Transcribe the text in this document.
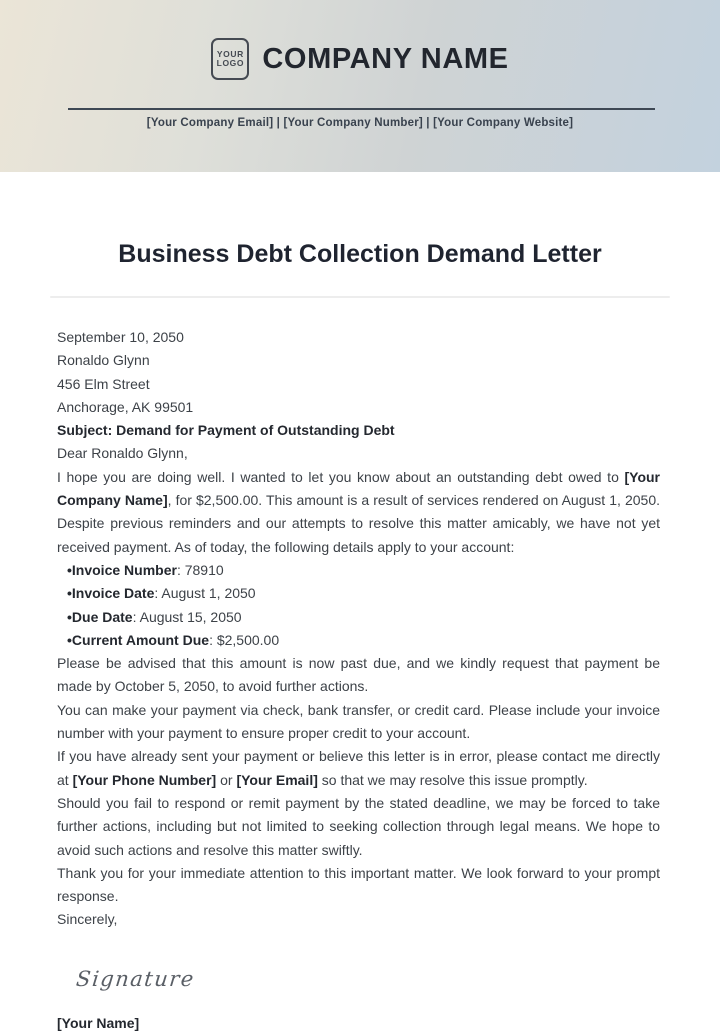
YOUR
LOGO COMPANY NAME
[Your Company Email] | [Your Company Number] | [Your Company Website]
Business Debt Collection Demand Letter
September 10, 2050
Ronaldo Glynn
456 Elm Street
Anchorage, AK 99501
Subject: Demand for Payment of Outstanding Debt
Dear Ronaldo Glynn,

I hope you are doing well. I wanted to let you know about an outstanding debt owed to [Your Company Name], for $2,500.00. This amount is a result of services rendered on August 1, 2050. Despite previous reminders and our attempts to resolve this matter amicably, we have not yet received payment. As of today, the following details apply to your account:

•Invoice Number: 78910
•Invoice Date: August 1, 2050
•Due Date: August 15, 2050
•Current Amount Due: $2,500.00

Please be advised that this amount is now past due, and we kindly request that payment be made by October 5, 2050, to avoid further actions.

You can make your payment via check, bank transfer, or credit card. Please include your invoice number with your payment to ensure proper credit to your account.

If you have already sent your payment or believe this letter is in error, please contact me directly at [Your Phone Number] or [Your Email] so that we may resolve this issue promptly.

Should you fail to respond or remit payment by the stated deadline, we may be forced to take further actions, including but not limited to seeking collection through legal means. We hope to avoid such actions and resolve this matter swiftly.

Thank you for your immediate attention to this important matter. We look forward to your prompt response.

Sincerely,
Signature
[Your Name]
